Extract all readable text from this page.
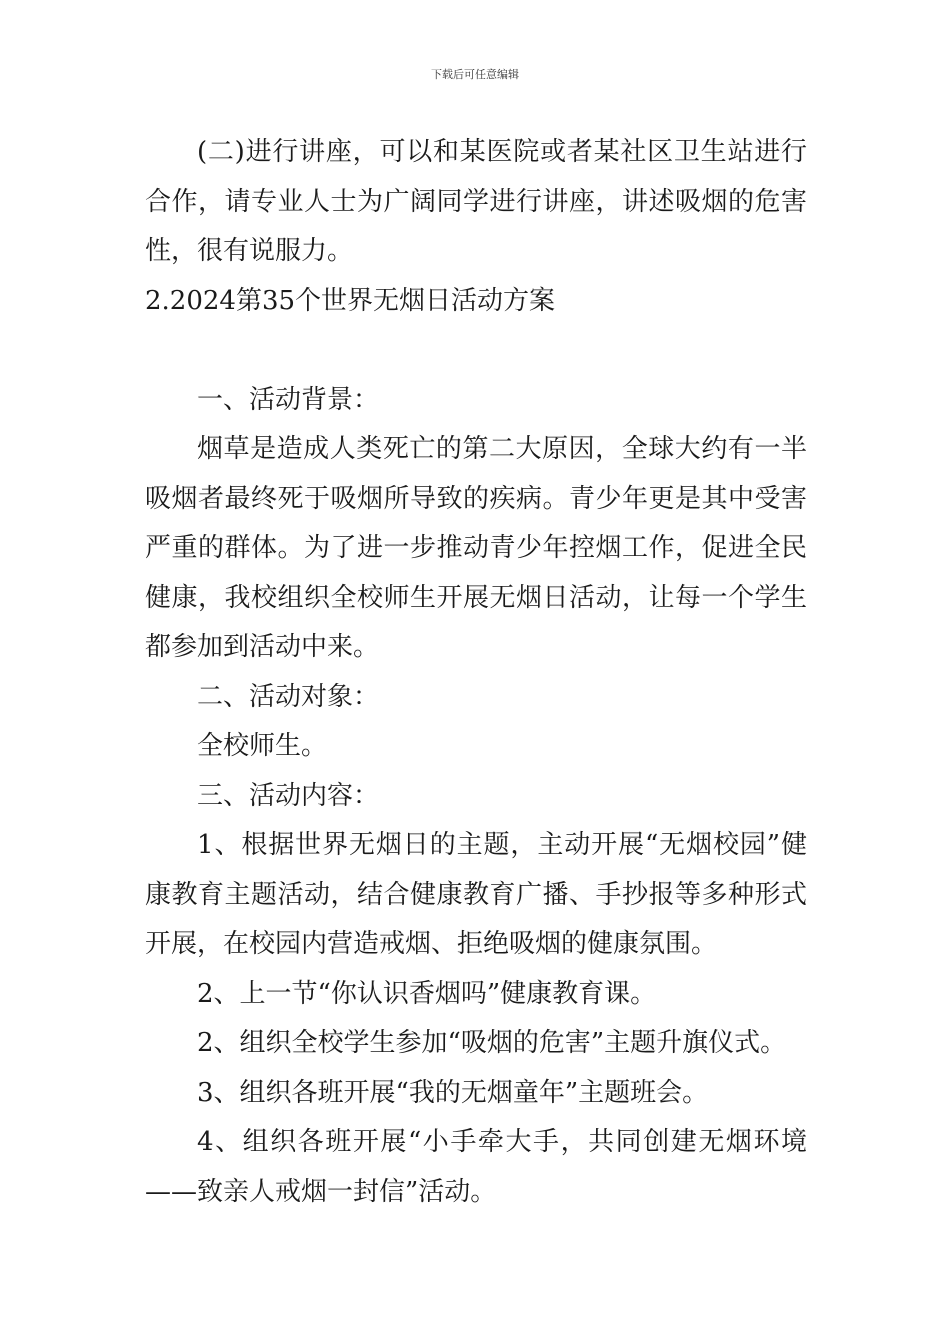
下载后可任意编辑

(二)进行讲座，可以和某医院或者某社区卫生站进行合作，请专业人士为广阔同学进行讲座，讲述吸烟的危害性，很有说服力。

2.2024第35个世界无烟日活动方案

一、活动背景：

烟草是造成人类死亡的第二大原因，全球大约有一半吸烟者最终死于吸烟所导致的疾病。青少年更是其中受害严重的群体。为了进一步推动青少年控烟工作，促进全民健康，我校组织全校师生开展无烟日活动，让每一个学生都参加到活动中来。

二、活动对象：

全校师生。

三、活动内容：

1、根据世界无烟日的主题，主动开展“无烟校园”健康教育主题活动，结合健康教育广播、手抄报等多种形式开展，在校园内营造戒烟、拒绝吸烟的健康氛围。

2、上一节“你认识香烟吗”健康教育课。

2、组织全校学生参加“吸烟的危害”主题升旗仪式。

3、组织各班开展“我的无烟童年”主题班会。

4、组织各班开展“小手牵大手，共同创建无烟环境——致亲人戒烟一封信”活动。
